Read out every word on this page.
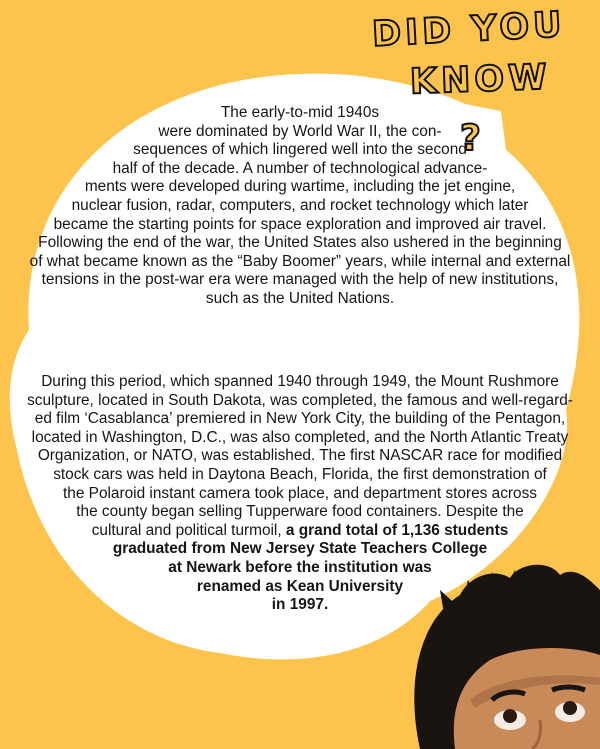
DID YOU
KNOW
?
The early-to-mid 1940s
were dominated by World War II, the con-
sequences of which lingered well into the second
half of the decade. A number of technological advance-
ments were developed during wartime, including the jet engine,
nuclear fusion, radar, computers, and rocket technology which later
became the starting points for space exploration and improved air travel.
Following the end of the war, the United States also ushered in the beginning
of what became known as the “Baby Boomer” years, while internal and external
tensions in the post-war era were managed with the help of new institutions,
such as the United Nations.
During this period, which spanned 1940 through 1949, the Mount Rushmore
sculpture, located in South Dakota, was completed, the famous and well-regard-
ed film ‘Casablanca’ premiered in New York City, the building of the Pentagon,
located in Washington, D.C., was also completed, and the North Atlantic Treaty
Organization, or NATO, was established. The first NASCAR race for modified
stock cars was held in Daytona Beach, Florida, the first demonstration of
the Polaroid instant camera took place, and department stores across
the county began selling Tupperware food containers. Despite the
cultural and political turmoil, a grand total of 1,136 students
graduated from New Jersey State Teachers College
at Newark before the institution was
renamed as Kean University
in 1997.
